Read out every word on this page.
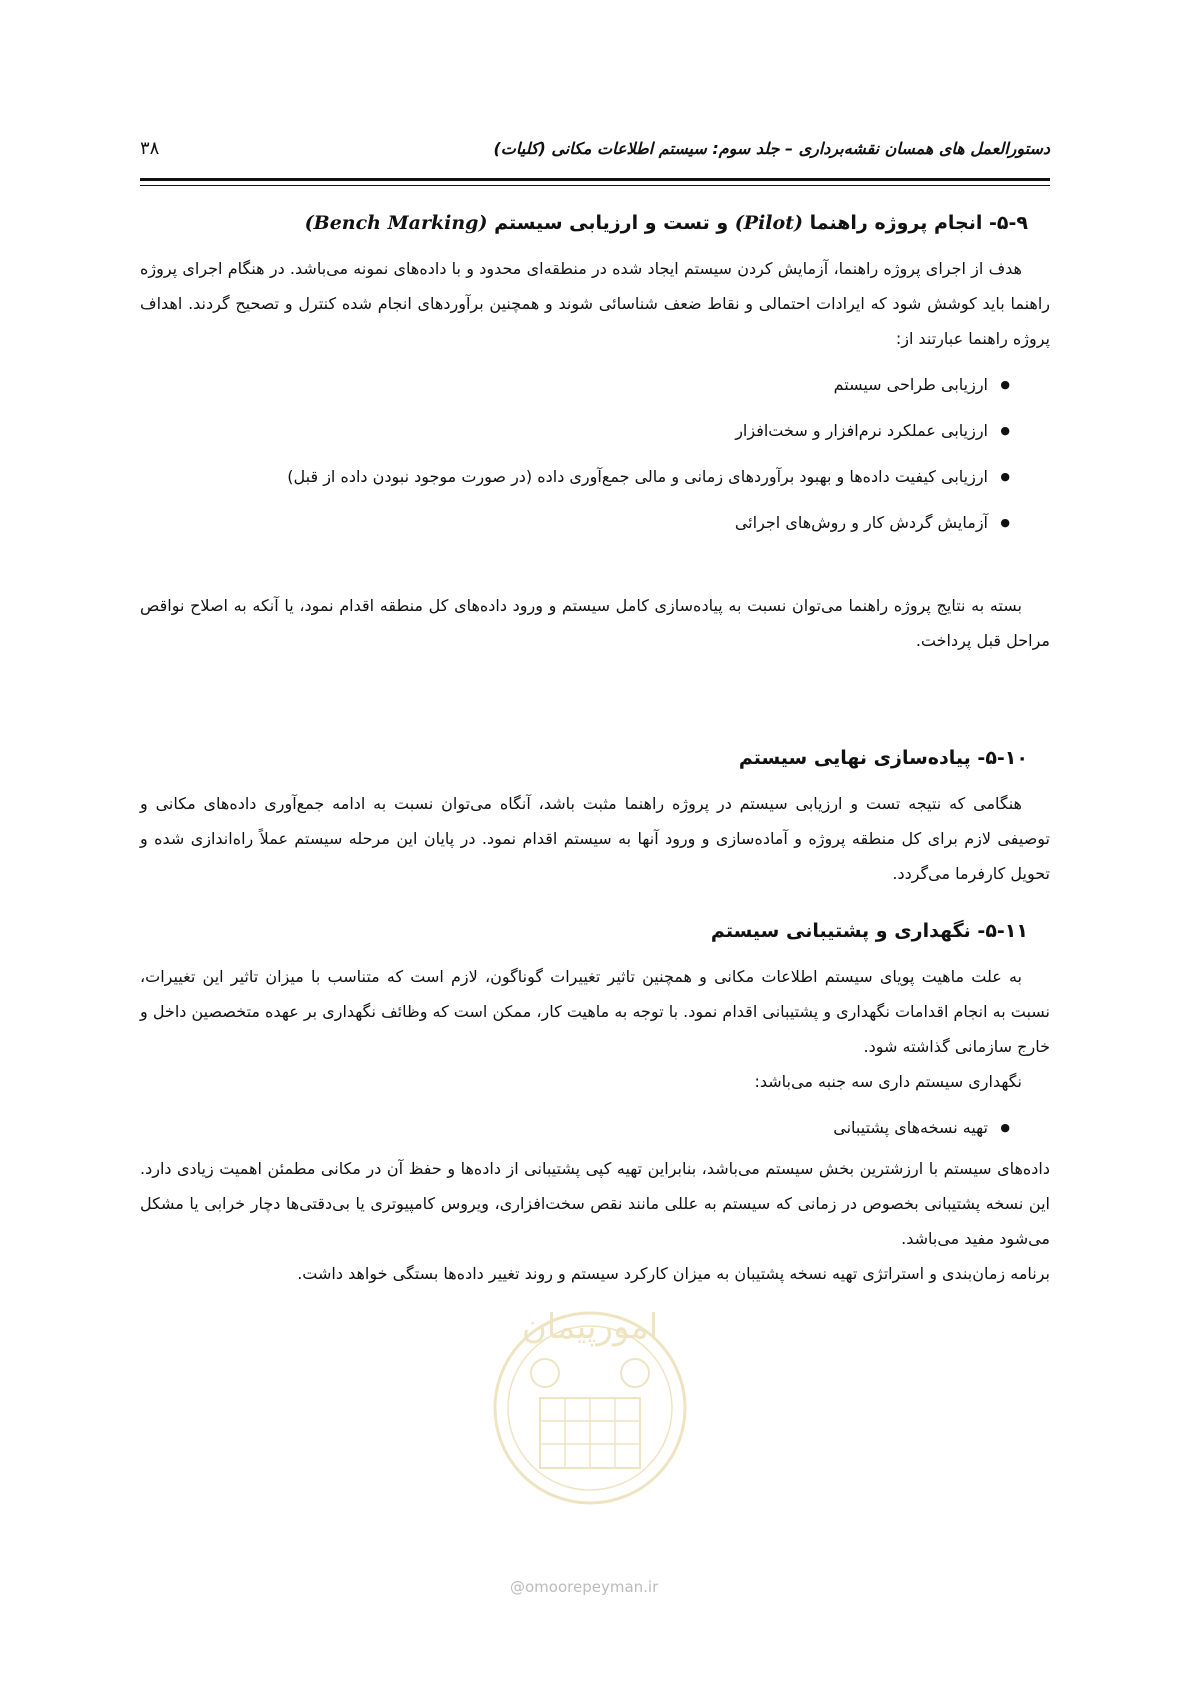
دستورالعمل های همسان نقشه‌برداری – جلد سوم: سیستم اطلاعات مکانی (کلیات)
۳۸
۵-۹- انجام پروژه راهنما (Pilot) و تست و ارزیابی سیستم (Bench Marking)

هدف از اجرای پروژه راهنما، آزمایش کردن سیستم ایجاد شده در منطقه‌ای محدود و با داده‌های نمونه می‌باشد. در هنگام اجرای پروژه راهنما باید کوشش شود که ایرادات احتمالی و نقاط ضعف شناسائی شوند و همچنین برآوردهای انجام شده کنترل و تصحیح گردند. اهداف پروژه راهنما عبارتند از:

● ارزیابی طراحی سیستم
● ارزیابی عملکرد نرم‌افزار و سخت‌افزار
● ارزیابی کیفیت داده‌ها و بهبود برآوردهای زمانی و مالی جمع‌آوری داده (در صورت موجود نبودن داده از قبل)
● آزمایش گردش کار و روش‌های اجرائی

بسته به نتایج پروژه راهنما می‌توان نسبت به پیاده‌سازی کامل سیستم و ورود داده‌های کل منطقه اقدام نمود، یا آنکه به اصلاح نواقص مراحل قبل پرداخت.

۵-۱۰- پیاده‌سازی نهایی سیستم

هنگامی که نتیجه تست و ارزیابی سیستم در پروژه راهنما مثبت باشد، آنگاه می‌توان نسبت به ادامه جمع‌آوری داده‌های مکانی و توصیفی لازم برای کل منطقه پروژه و آماده‌سازی و ورود آنها به سیستم اقدام نمود. در پایان این مرحله سیستم عملاً راه‌اندازی شده و تحویل کارفرما می‌گردد.

۵-۱۱- نگهداری و پشتیبانی سیستم

به علت ماهیت پویای سیستم اطلاعات مکانی و همچنین تاثیر تغییرات گوناگون، لازم است که متناسب با میزان تاثیر این تغییرات، نسبت به انجام اقدامات نگهداری و پشتیبانی اقدام نمود. با توجه به ماهیت کار، ممکن است که وظائف نگهداری بر عهده متخصصین داخل و خارج سازمانی گذاشته شود.

نگهداری سیستم داری سه جنبه می‌باشد:

● تهیه نسخه‌های پشتیبانی

داده‌های سیستم با ارزشترین بخش سیستم می‌باشد، بنابراین تهیه کپی پشتیبانی از داده‌ها و حفظ آن در مکانی مطمئن اهمیت زیادی دارد. این نسخه پشتیبانی بخصوص در زمانی که سیستم به عللی مانند نقص سخت‌افزاری، ویروس کامپیوتری یا بی‌دقتی‌ها دچار خرابی یا مشکل می‌شود مفید می‌باشد.

برنامه زمان‌بندی و استراتژی تهیه نسخه پشتیبان به میزان کارکرد سیستم و روند تغییر داده‌ها بستگی خواهد داشت.

امورپیمان
@omoorepeyman.ir
